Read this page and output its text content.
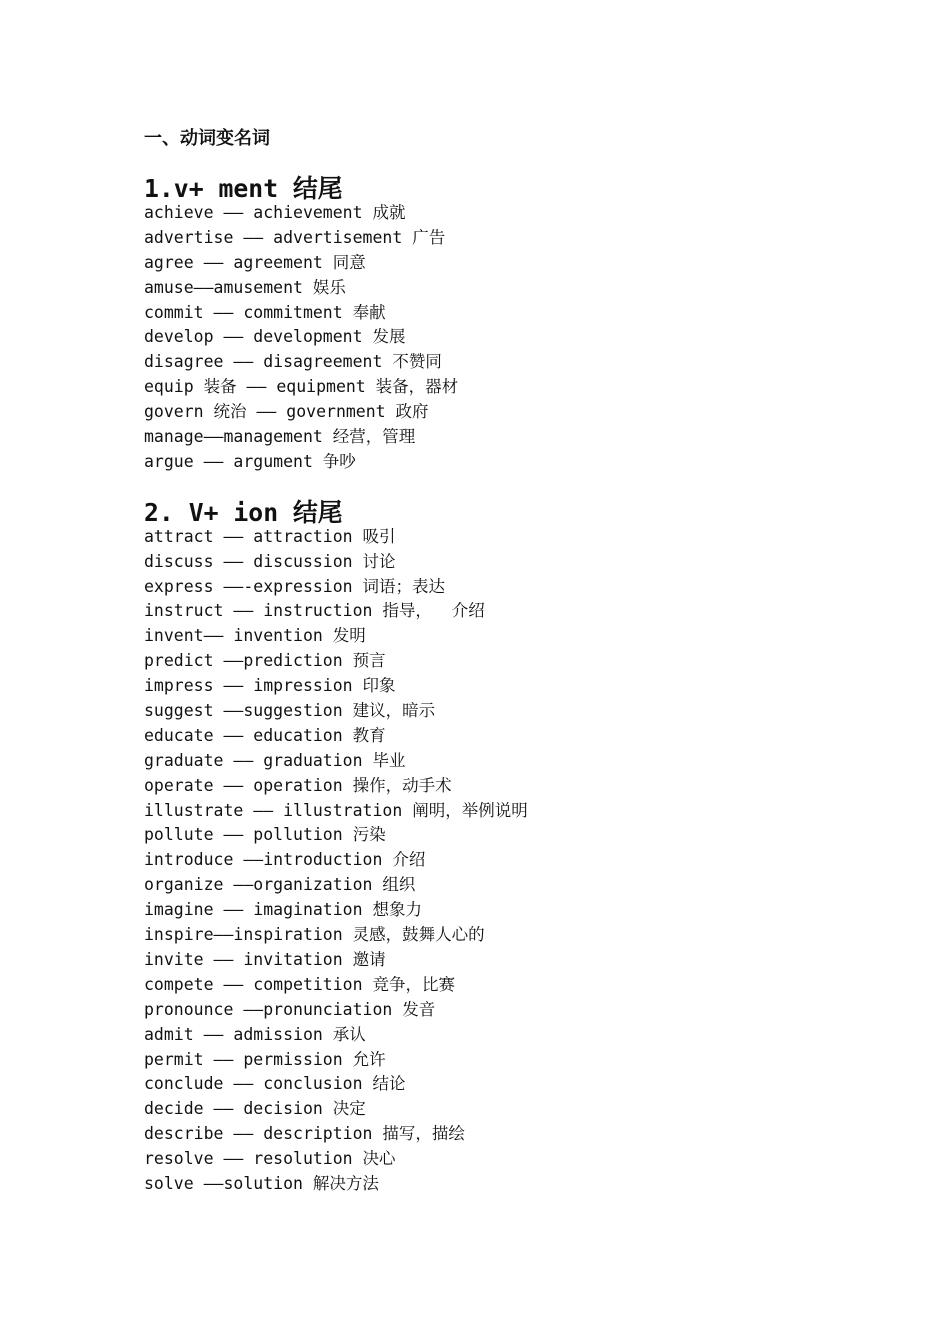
一、动词变名词
1.v+ ment 结尾
achieve —— achievement 成就
advertise —— advertisement 广告
agree —— agreement 同意
amuse——amusement 娱乐
commit —— commitment 奉献
develop —— development 发展
disagree —— disagreement 不赞同
equip 装备 —— equipment 装备，器材
govern 统治 —— government 政府
manage——management 经营，管理
argue —— argument 争吵
2. V+ ion 结尾
attract —— attraction 吸引
discuss —— discussion 讨论
express ——-expression 词语；表达
instruct —— instruction 指导，  介绍
invent—— invention 发明
predict ——prediction 预言
impress —— impression 印象
suggest ——suggestion 建议，暗示
educate —— education 教育
graduate —— graduation 毕业
operate —— operation 操作，动手术
illustrate —— illustration 阐明，举例说明
pollute —— pollution 污染
introduce ——introduction 介绍
organize ——organization 组织
imagine —— imagination 想象力
inspire——inspiration 灵感，鼓舞人心的
invite —— invitation 邀请
compete —— competition 竞争，比赛
pronounce ——pronunciation 发音
admit —— admission 承认
permit —— permission 允许
conclude —— conclusion 结论
decide —— decision 决定
describe —— description 描写，描绘
resolve —— resolution 决心
solve ——solution 解决方法
